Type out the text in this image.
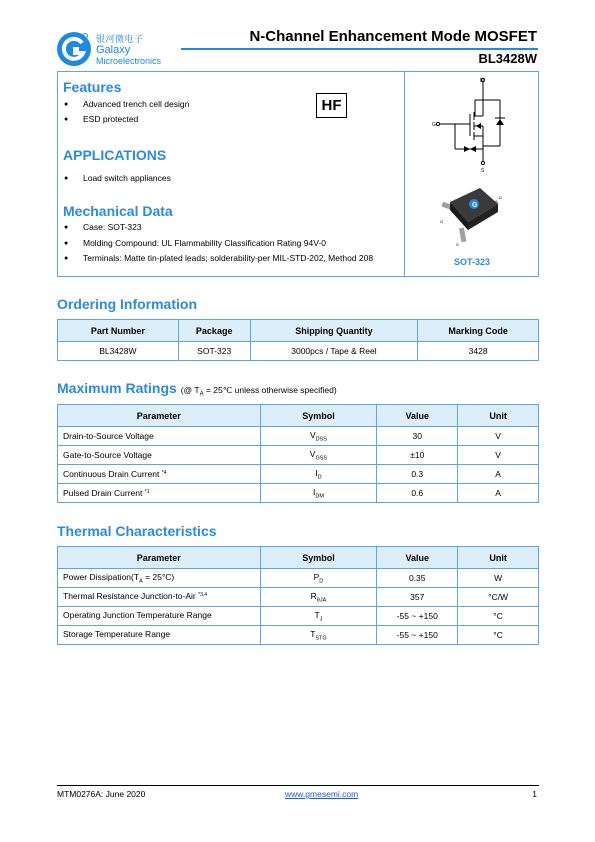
银河微电子
Galaxy
Microelectronics
N-Channel Enhancement Mode MOSFET
BL3428W
Features
Advanced trench cell design
ESD protected
HF
APPLICATIONS
Load switch appliances
Mechanical Data
Case: SOT-323
Molding Compound: UL Flammability Classification Rating 94V-0
Terminals: Matte tin-plated leads; solderability-per MIL-STD-202, Method 208
D
G
S
G
D
G
S
SOT-323
Ordering Information
Part Number	Package	Shipping Quantity	Marking Code
BL3428W	SOT-323	3000pcs / Tape & Reel	3428
Maximum Ratings (@ $T_A$ = 25℃ unless otherwise specified)
Parameter	Symbol	Value	Unit
Drain-to-Source Voltage	$V_{DSS}$	30	V
Gate-to-Source Voltage	$V_{GSS}$	±10	V
Continuous Drain Current $^{*4}$	$I_D$	0.3	A
Pulsed Drain Current $^{*1}$	$I_{DM}$	0.6	A
Thermal Characteristics
Parameter	Symbol	Value	Unit
Power $Dissipation(T_A = 25^\circ C)$	$P_D$	0.35	W
Thermal Resistance Junction-to-Air $^{*3,4}$	$R_{\theta JA}$	357	°C/W
Operating Junction Temperature Range	$T_J$	-55 ~ +150	°C
Storage Temperature Range	$T_{STG}$	-55 ~ +150	°C
MTM0276A: June 2020	www.gmesemi.com	1
